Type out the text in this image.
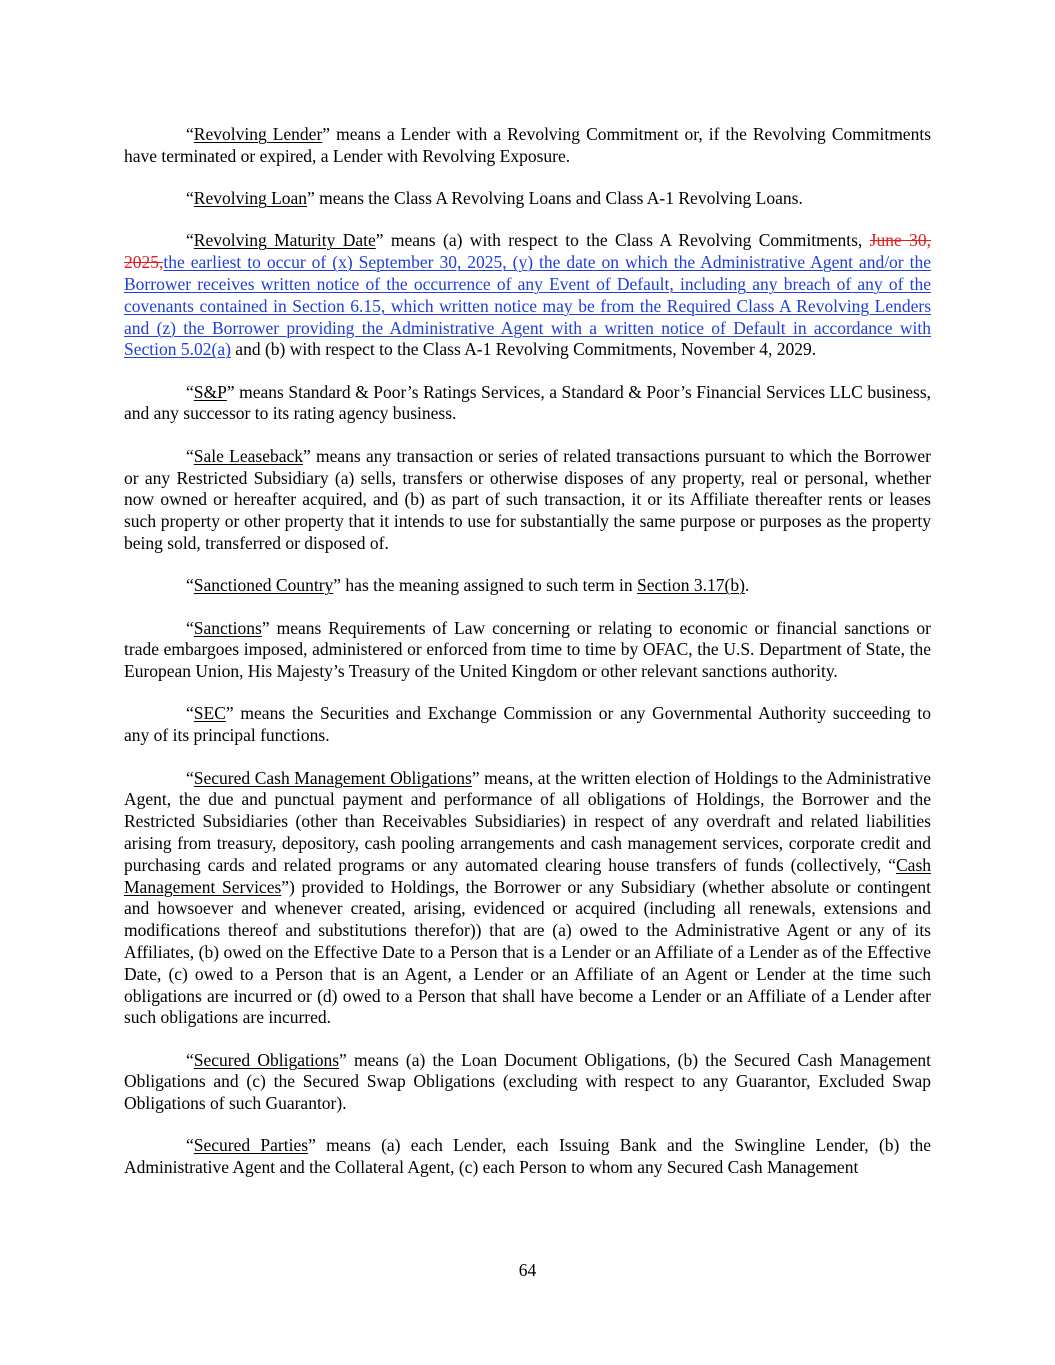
“Revolving Lender” means a Lender with a Revolving Commitment or, if the Revolving Commitments have terminated or expired, a Lender with Revolving Exposure.

“Revolving Loan” means the Class A Revolving Loans and Class A-1 Revolving Loans.

“Revolving Maturity Date” means (a) with respect to the Class A Revolving Commitments, June 30, 2025,the earliest to occur of (x) September 30, 2025, (y) the date on which the Administrative Agent and/or the Borrower receives written notice of the occurrence of any Event of Default, including any breach of any of the covenants contained in Section 6.15, which written notice may be from the Required Class A Revolving Lenders and (z) the Borrower providing the Administrative Agent with a written notice of Default in accordance with Section 5.02(a) and (b) with respect to the Class A-1 Revolving Commitments, November 4, 2029.

“S&P” means Standard & Poor’s Ratings Services, a Standard & Poor’s Financial Services LLC business, and any successor to its rating agency business.

“Sale Leaseback” means any transaction or series of related transactions pursuant to which the Borrower or any Restricted Subsidiary (a) sells, transfers or otherwise disposes of any property, real or personal, whether now owned or hereafter acquired, and (b) as part of such transaction, it or its Affiliate thereafter rents or leases such property or other property that it intends to use for substantially the same purpose or purposes as the property being sold, transferred or disposed of.

“Sanctioned Country” has the meaning assigned to such term in Section 3.17(b).

“Sanctions” means Requirements of Law concerning or relating to economic or financial sanctions or trade embargoes imposed, administered or enforced from time to time by OFAC, the U.S. Department of State, the European Union, His Majesty’s Treasury of the United Kingdom or other relevant sanctions authority.

“SEC” means the Securities and Exchange Commission or any Governmental Authority succeeding to any of its principal functions.

“Secured Cash Management Obligations” means, at the written election of Holdings to the Administrative Agent, the due and punctual payment and performance of all obligations of Holdings, the Borrower and the Restricted Subsidiaries (other than Receivables Subsidiaries) in respect of any overdraft and related liabilities arising from treasury, depository, cash pooling arrangements and cash management services, corporate credit and purchasing cards and related programs or any automated clearing house transfers of funds (collectively, “Cash Management Services”) provided to Holdings, the Borrower or any Subsidiary (whether absolute or contingent and howsoever and whenever created, arising, evidenced or acquired (including all renewals, extensions and modifications thereof and substitutions therefor)) that are (a) owed to the Administrative Agent or any of its Affiliates, (b) owed on the Effective Date to a Person that is a Lender or an Affiliate of a Lender as of the Effective Date, (c) owed to a Person that is an Agent, a Lender or an Affiliate of an Agent or Lender at the time such obligations are incurred or (d) owed to a Person that shall have become a Lender or an Affiliate of a Lender after such obligations are incurred.

“Secured Obligations” means (a) the Loan Document Obligations, (b) the Secured Cash Management Obligations and (c) the Secured Swap Obligations (excluding with respect to any Guarantor, Excluded Swap Obligations of such Guarantor).

“Secured Parties” means (a) each Lender, each Issuing Bank and the Swingline Lender, (b) the Administrative Agent and the Collateral Agent, (c) each Person to whom any Secured Cash Management

64
